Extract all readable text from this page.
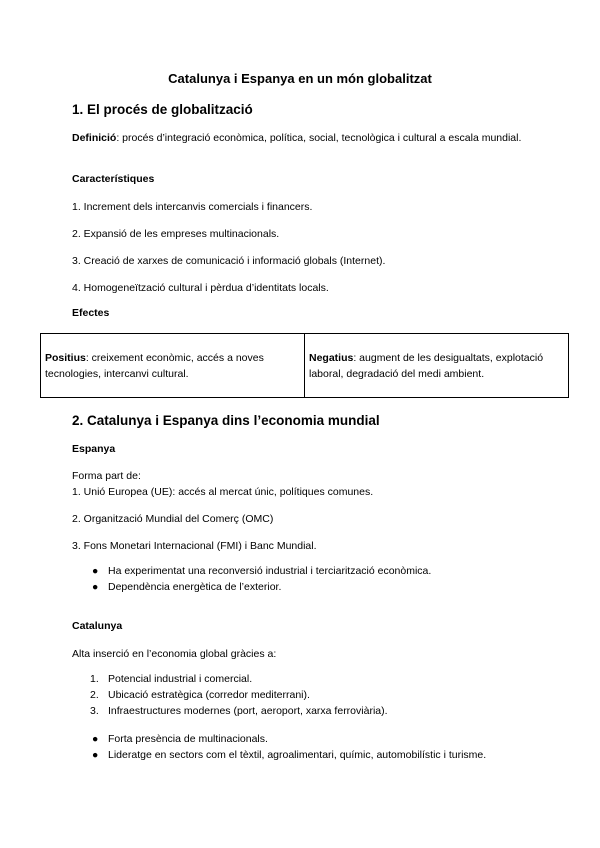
Catalunya i Espanya en un món globalitzat
1. El procés de globalització
Definició: procés d’integració econòmica, política, social, tecnològica i cultural a escala mundial.
Característiques
1. Increment dels intercanvis comercials i financers.
2. Expansió de les empreses multinacionals.
3. Creació de xarxes de comunicació i informació globals (Internet).
4. Homogeneïtzació cultural i pèrdua d’identitats locals.
Efectes
Positius: creixement econòmic, accés a noves tecnologies, intercanvi cultural.	Negatius: augment de les desigualtats, explotació laboral, degradació del medi ambient.
2. Catalunya i Espanya dins l’economia mundial
Espanya
Forma part de:
1. Unió Europea (UE): accés al mercat únic, polítiques comunes.
2. Organització Mundial del Comerç (OMC)
3. Fons Monetari Internacional (FMI) i Banc Mundial.
● Ha experimentat una reconversió industrial i terciarització econòmica.
● Dependència energètica de l’exterior.
Catalunya
Alta inserció en l’economia global gràcies a:
1. Potencial industrial i comercial.
2. Ubicació estratègica (corredor mediterrani).
3. Infraestructures modernes (port, aeroport, xarxa ferroviària).
● Forta presència de multinacionals.
● Lideratge en sectors com el tèxtil, agroalimentari, químic, automobilístic i turisme.
